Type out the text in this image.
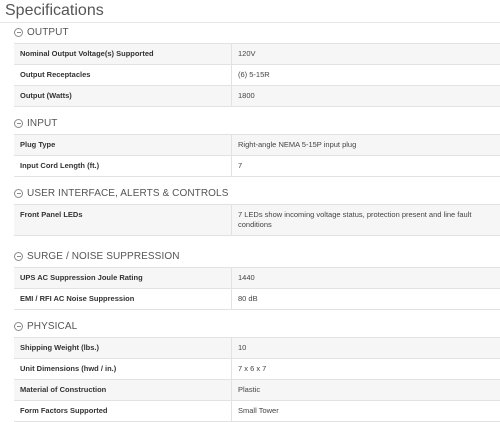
Specifications
OUTPUT
Nominal Output Voltage(s) Supported	120V
Output Receptacles	(6) 5-15R
Output (Watts)	1800
INPUT
Plug Type	Right-angle NEMA 5-15P input plug
Input Cord Length (ft.)	7
USER INTERFACE, ALERTS & CONTROLS
Front Panel LEDs	7 LEDs show incoming voltage status, protection present and line fault conditions
SURGE / NOISE SUPPRESSION
UPS AC Suppression Joule Rating	1440
EMI / RFI AC Noise Suppression	80 dB
PHYSICAL
Shipping Weight (lbs.)	10
Unit Dimensions (hwd / in.)	7 x 6 x 7
Material of Construction	Plastic
Form Factors Supported	Small Tower
